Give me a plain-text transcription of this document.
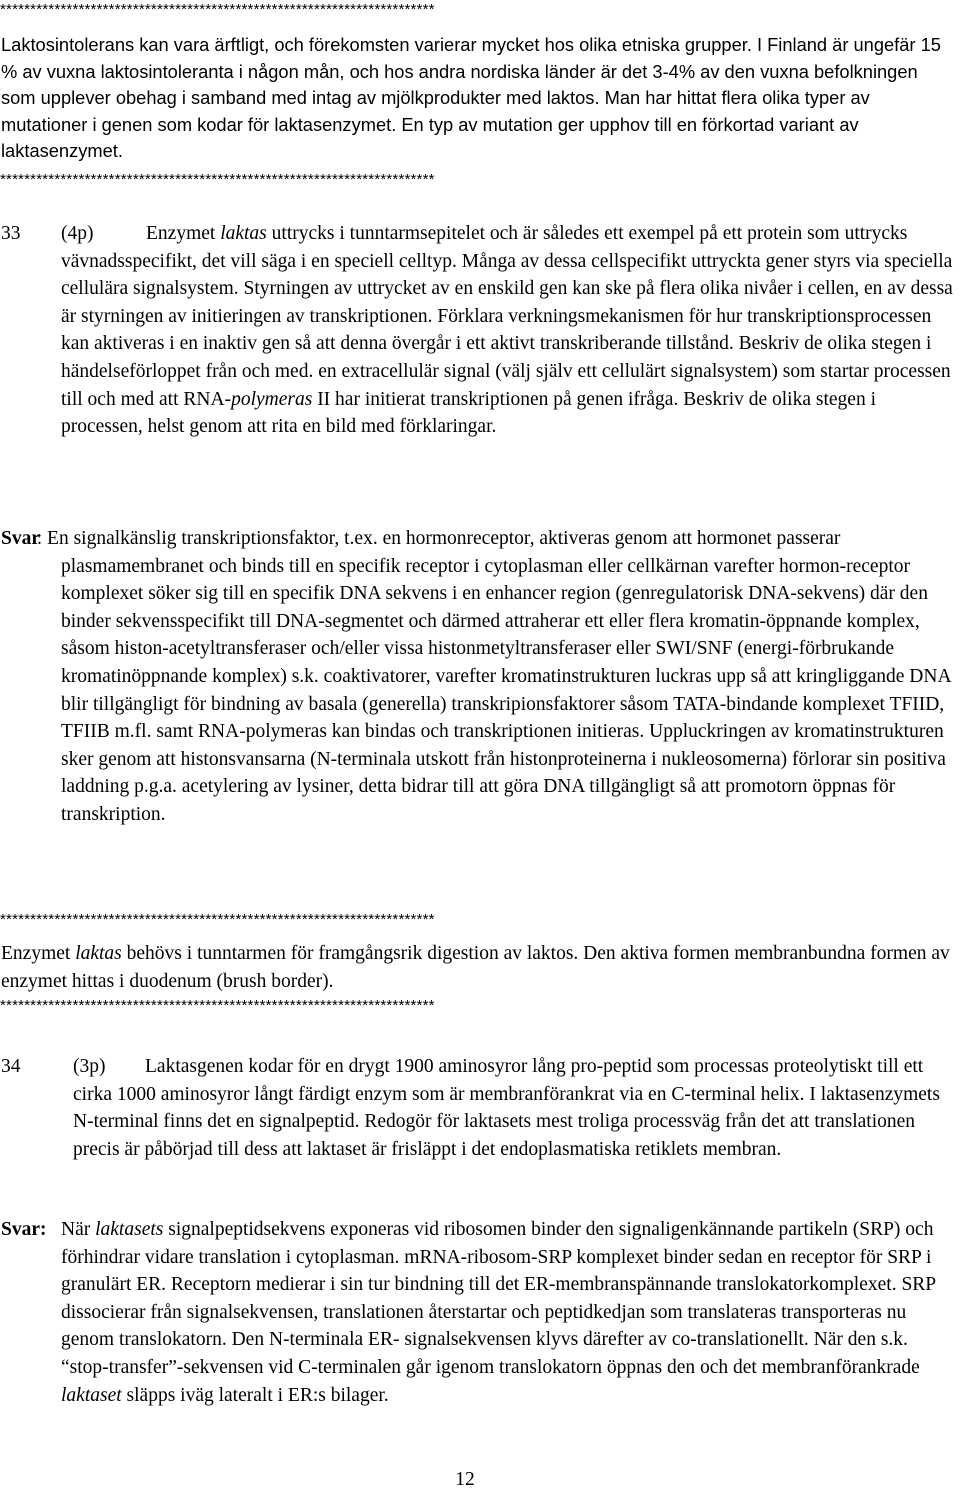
************************************************************************
Laktosintolerans kan vara ärftligt, och förekomsten varierar mycket hos olika etniska grupper. I Finland är ungefär 15 % av vuxna laktosintoleranta i någon mån, och hos andra nordiska länder är det 3-4% av den vuxna befolkningen som upplever obehag i samband med intag av mjölkprodukter med laktos. Man har hittat flera olika typer av mutationer i genen som kodar för laktasenzymet. En typ av mutation ger upphov till en förkortad variant av laktasenzymet.
************************************************************************
33 (4p)	Enzymet laktas uttrycks i tunntarmsepitelet och är således ett exempel på ett protein som uttrycks vävnadsspecifikt, det vill säga i en speciell celltyp. Många av dessa cellspecifikt uttryckta gener styrs via speciella cellulära signalsystem. Styrningen av uttrycket av en enskild gen kan ske på flera olika nivåer i cellen, en av dessa är styrningen av initieringen av transkriptionen. Förklara verkningsmekanismen för hur transkriptionsprocessen kan aktiveras i en inaktiv gen så att denna övergår i ett aktivt transkriberande tillstånd. Beskriv de olika stegen i händelseförloppet från och med. en extracellulär signal (välj själv ett cellulärt signalsystem) som startar processen till och med att RNA-polymeras II har initierat transkriptionen på genen ifråga. Beskriv de olika stegen i processen, helst genom att rita en bild med förklaringar.
Svar
: En signalkänslig transkriptionsfaktor, t.ex. en hormonreceptor, aktiveras genom att hormonet passerar plasmamembranet och binds till en specifik receptor i cytoplasman eller cellkärnan varefter hormon-receptor komplexet söker sig till en specifik DNA sekvens i en enhancer region (genregulatorisk DNA-sekvens) där den binder sekvensspecifikt till DNA-segmentet och därmed attraherar ett eller flera kromatin-öppnande komplex, såsom histon-acetyltransferaser och/eller vissa histonmetyltransferaser eller SWI/SNF (energi-förbrukande kromatinöppnande komplex) s.k. coaktivatorer, varefter kromatinstrukturen luckras upp så att kringliggande DNA blir tillgängligt för bindning av basala (generella) transkripionsfaktorer såsom TATA-bindande komplexet TFIID, TFIIB m.fl. samt RNA-polymeras kan bindas och transkriptionen initieras. Uppluckringen av kromatinstrukturen sker genom att histonsvansarna (N-terminala utskott från histonproteinerna i nukleosomerna) förlorar sin positiva laddning p.g.a. acetylering av lysiner, detta bidrar till att göra DNA tillgängligt så att promotorn öppnas för transkription.
************************************************************************
Enzymet laktas behövs i tunntarmen för framgångsrik digestion av laktos. Den aktiva formen membranbundna formen av enzymet hittas i duodenum (brush border).
************************************************************************
34	(3p)	Laktasgenen kodar för en drygt 1900 aminosyror lång pro-peptid som processas proteolytiskt till ett cirka 1000 aminosyror långt färdigt enzym som är membranförankrat via en C-terminal helix. I laktasenzymets N-terminal finns det en signalpeptid. Redogör för laktasets mest troliga processväg från det att translationen precis är påbörjad till dess att laktaset är frisläppt i det endoplasmatiska retiklets membran.
Svar: När laktasets signalpeptidsekvens exponeras vid ribosomen binder den signaligenkännande partikeln (SRP) och förhindrar vidare translation i cytoplasman. mRNA-ribosom-SRP komplexet binder sedan en receptor för SRP i granulärt ER. Receptorn medierar i sin tur bindning till det ER-membranspännande translokatorkomplexet. SRP dissocierar från signalsekvensen, translationen återstartar och peptidkedjan som translateras transporteras nu genom translokatorn. Den N-terminala ER- signalsekvensen klyvs därefter av co-translationellt. När den s.k. “stop-transfer”-sekvensen vid C-terminalen går igenom translokatorn öppnas den och det membranförankrade laktaset släpps iväg lateralt i ER:s bilager.
12
